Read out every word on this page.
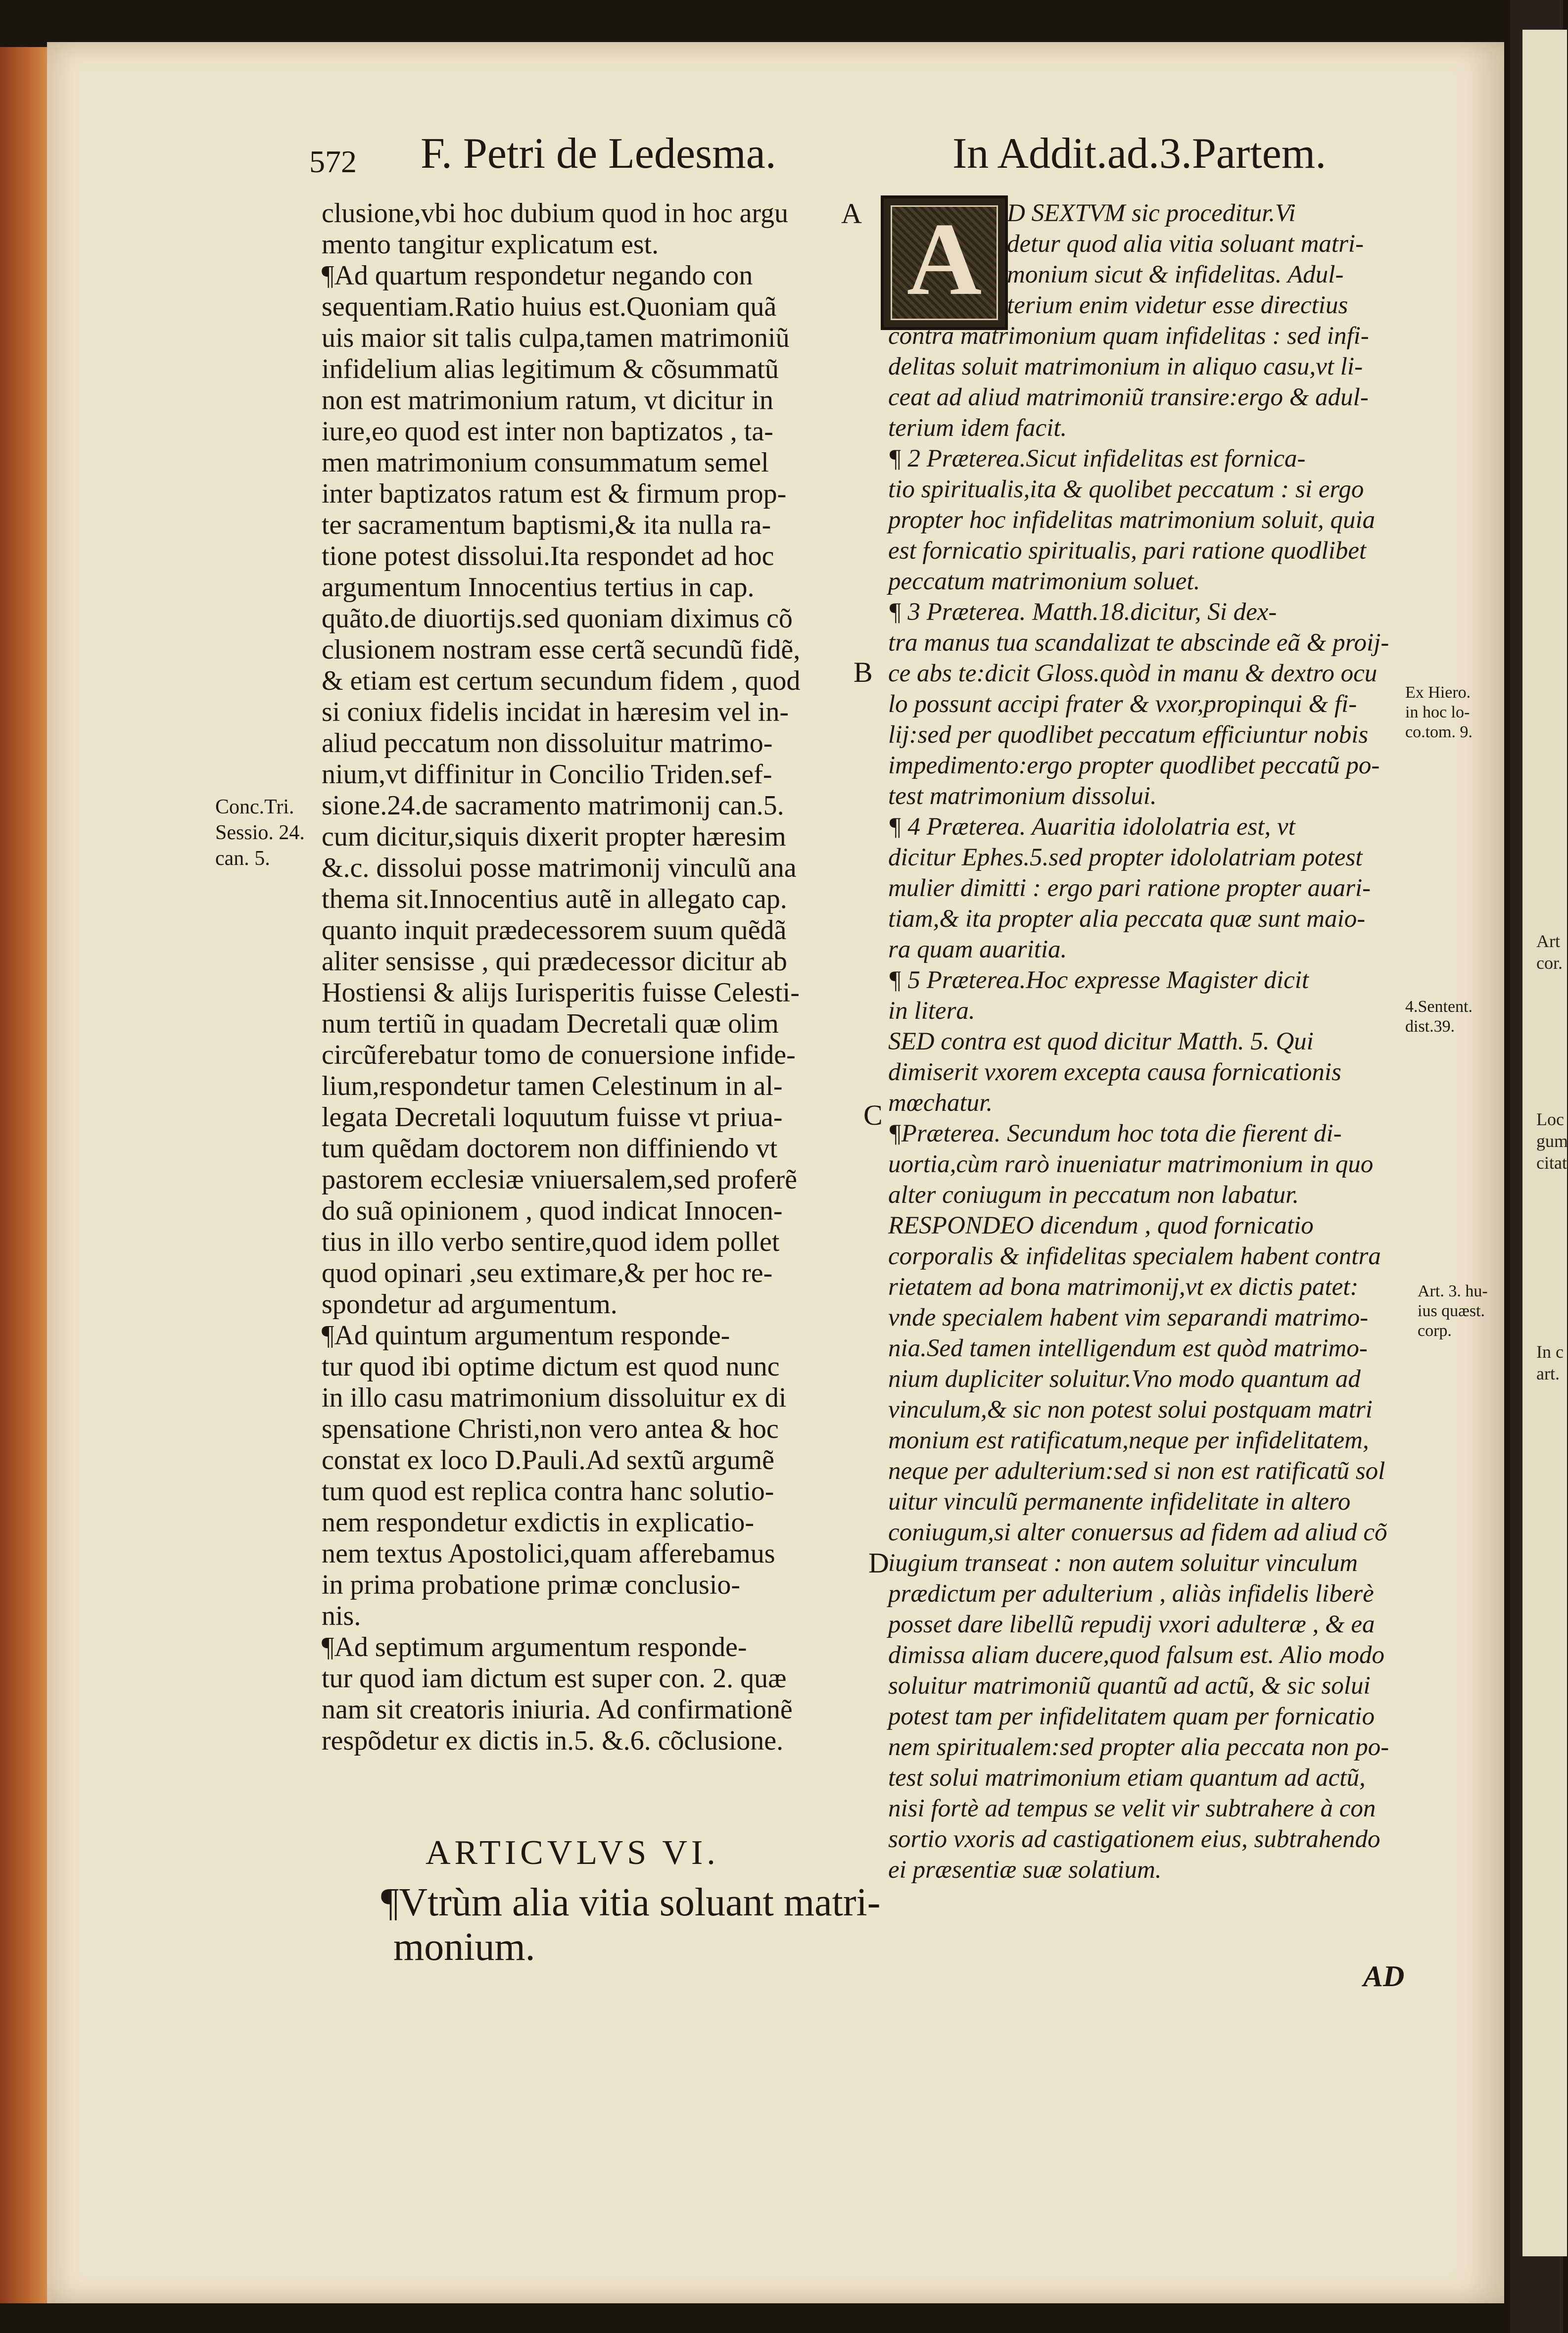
Art
cor.
Loc
gum
citat
In c
art.
572 F. Petri de Ledesma.	In Addit.ad.3.Partem.
clusione,vbi hoc dubium quod in hoc argu
mento tangitur explicatum est.
¶Ad quartum respondetur negando con
sequentiam.Ratio huius est.Quoniam quã
uis maior sit talis culpa,tamen matrimoniũ
infidelium alias legitimum & cõsummatũ
non est matrimonium ratum, vt dicitur in
iure,eo quod est inter non baptizatos , ta-
men matrimonium consummatum semel
inter baptizatos ratum est & firmum prop-
ter sacramentum baptismi,& ita nulla ra-
tione potest dissolui.Ita respondet ad hoc
argumentum Innocentius tertius in cap.
quãto.de diuortijs.sed quoniam diximus cõ
clusionem nostram esse certã secundũ fidẽ,
& etiam est certum secundum fidem , quod
si coniux fidelis incidat in hæresim vel in-
aliud peccatum non dissoluitur matrimo-
nium,vt diffinitur in Concilio Triden.sef-
sione.24.de sacramento matrimonij can.5.
cum dicitur,siquis dixerit propter hæresim
&.c. dissolui posse matrimonij vinculũ ana
thema sit.Innocentius autẽ in allegato cap.
quanto inquit prædecessorem suum quẽdã
aliter sensisse , qui prædecessor dicitur ab
Hostiensi & alijs Iurisperitis fuisse Celesti-
num tertiũ in quadam Decretali quæ olim
circũferebatur tomo de conuersione infide-
lium,respondetur tamen Celestinum in al-
legata Decretali loquutum fuisse vt priua-
tum quẽdam doctorem non diffiniendo vt
pastorem ecclesiæ vniuersalem,sed proferẽ
do suã opinionem , quod indicat Innocen-
tius in illo verbo sentire,quod idem pollet
quod opinari ,seu extimare,& per hoc re-
spondetur ad argumentum.
¶Ad quintum argumentum responde-
tur quod ibi optime dictum est quod nunc
in illo casu matrimonium dissoluitur ex di
spensatione Christi,non vero antea & hoc
constat ex loco D.Pauli.Ad sextũ argumẽ
tum quod est replica contra hanc solutio-
nem respondetur exdictis in explicatio-
nem textus Apostolici,quam afferebamus
in prima probatione primæ conclusio-
nis.
¶Ad septimum argumentum responde-
tur quod iam dictum est super con. 2. quæ
nam sit creatoris iniuria. Ad confirmationẽ
respõdetur ex dictis in.5. &.6. cõclusione.
A D SEXTVM sic proceditur.Vi
detur quod alia vitia soluant matri-
monium sicut & infidelitas. Adul-
terium enim videtur esse directius
contra matrimonium quam infidelitas : sed infi-
delitas soluit matrimonium in aliquo casu,vt li-
ceat ad aliud matrimoniũ transire:ergo & adul-
terium idem facit.
¶ 2 Præterea.Sicut infidelitas est fornica-
tio spiritualis,ita & quolibet peccatum : si ergo
propter hoc infidelitas matrimonium soluit, quia
est fornicatio spiritualis, pari ratione quodlibet
peccatum matrimonium soluet.
¶ 3 Præterea. Matth.18.dicitur, Si dex-
tra manus tua scandalizat te abscinde eã & proij-
ce abs te:dicit Gloss.quòd in manu & dextro ocu
lo possunt accipi frater & vxor,propinqui & fi-
lij:sed per quodlibet peccatum efficiuntur nobis
impedimento:ergo propter quodlibet peccatũ po-
test matrimonium dissolui.
¶ 4 Præterea. Auaritia idololatria est, vt
dicitur Ephes.5.sed propter idololatriam potest
mulier dimitti : ergo pari ratione propter auari-
tiam,& ita propter alia peccata quæ sunt maio-
ra quam auaritia.
¶ 5 Præterea.Hoc expresse Magister dicit
in litera.
SED contra est quod dicitur Matth. 5. Qui
dimiserit vxorem excepta causa fornicationis
mœchatur.
¶Præterea. Secundum hoc tota die fierent di-
uortia,cùm rarò inueniatur matrimonium in quo
alter coniugum in peccatum non labatur.
RESPONDEO dicendum , quod fornicatio
corporalis & infidelitas specialem habent contra
rietatem ad bona matrimonij,vt ex dictis patet:
vnde specialem habent vim separandi matrimo-
nia.Sed tamen intelligendum est quòd matrimo-
nium dupliciter soluitur.Vno modo quantum ad
vinculum,& sic non potest solui postquam matri
monium est ratificatum,neque per infidelitatem,
neque per adulterium:sed si non est ratificatũ sol
uitur vinculũ permanente infidelitate in altero
coniugum,si alter conuersus ad fidem ad aliud cõ
iugium transeat : non autem soluitur vinculum
prædictum per adulterium , aliàs infidelis liberè
posset dare libellũ repudij vxori adulteræ , & ea
dimissa aliam ducere,quod falsum est. Alio modo
soluitur matrimoniũ quantũ ad actũ, & sic solui
potest tam per infidelitatem quam per fornicatio
nem spiritualem:sed propter alia peccata non po-
test solui matrimonium etiam quantum ad actũ,
nisi fortè ad tempus se velit vir subtrahere à con
sortio vxoris ad castigationem eius, subtrahendo
ei præsentiæ suæ solatium.
ARTICVLVS VI.
¶Vtrùm alia vitia soluant matri-
monium.
Conc.Tri.
Sessio. 24.
can. 5.
A
B
C
D
Ex Hiero.
in hoc lo-
co.tom. 9.
4.Sentent.
dist.39.
Art. 3. hu-
ius quæst.
corp.
AD
